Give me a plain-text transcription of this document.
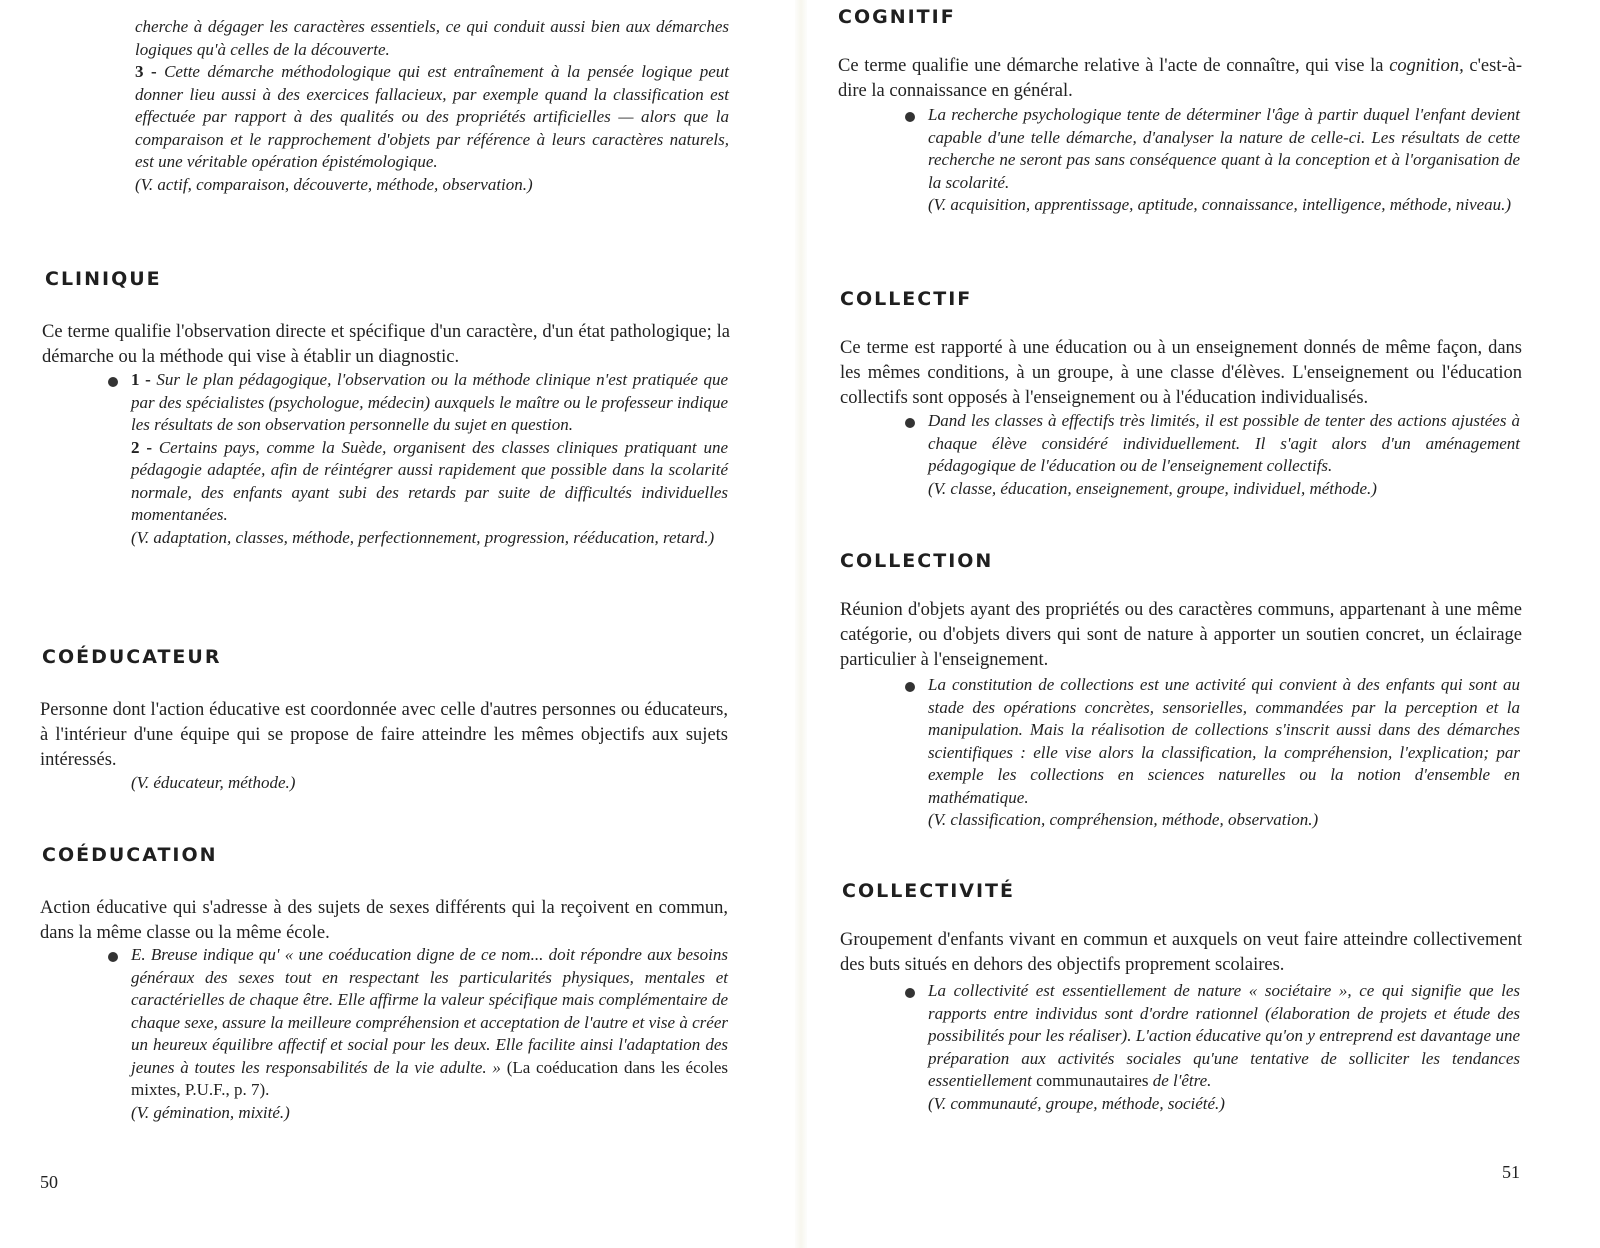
cherche à dégager les caractères essentiels, ce qui conduit aussi bien aux démarches logiques qu'à celles de la découverte.

3 - Cette démarche méthodologique qui est entraînement à la pensée logique peut donner lieu aussi à des exercices fallacieux, par exemple quand la classification est effectuée par rapport à des qualités ou des propriétés artificielles — alors que la comparaison et le rapprochement d'objets par référence à leurs caractères naturels, est une véritable opération épistémologique.

(V. actif, comparaison, découverte, méthode, observation.)

CLINIQUE
Ce terme qualifie l'observation directe et spécifique d'un caractère, d'un état pathologique; la démarche ou la méthode qui vise à établir un diagnostic.

1 - Sur le plan pédagogique, l'observation ou la méthode clinique n'est pratiquée que par des spécialistes (psychologue, médecin) auxquels le maître ou le professeur indique les résultats de son observation personnelle du sujet en question.

2 - Certains pays, comme la Suède, organisent des classes cliniques pratiquant une pédagogie adaptée, afin de réintégrer aussi rapidement que possible dans la scolarité normale, des enfants ayant subi des retards par suite de difficultés individuelles momentanées.

(V. adaptation, classes, méthode, perfectionnement, progression, rééducation, retard.)

COÉDUCATEUR
Personne dont l'action éducative est coordonnée avec celle d'autres personnes ou éducateurs, à l'intérieur d'une équipe qui se propose de faire atteindre les mêmes objectifs aux sujets intéressés.
(V. éducateur, méthode.)
COÉDUCATION
Action éducative qui s'adresse à des sujets de sexes différents qui la reçoivent en commun, dans la même classe ou la même école.

E. Breuse indique qu' « une coéducation digne de ce nom... doit répondre aux besoins généraux des sexes tout en respectant les particularités physiques, mentales et caractérielles de chaque être. Elle affirme la valeur spécifique mais complémentaire de chaque sexe, assure la meilleure compréhension et acceptation de l'autre et vise à créer un heureux équilibre affectif et social pour les deux. Elle facilite ainsi l'adaptation des jeunes à toutes les responsabilités de la vie adulte. » (La coéducation dans les écoles mixtes, P.U.F., p. 7).

(V. gémination, mixité.)

50
COGNITIF
Ce terme qualifie une démarche relative à l'acte de connaître, qui vise la cognition, c'est-à-dire la connaissance en général.

La recherche psychologique tente de déterminer l'âge à partir duquel l'enfant devient capable d'une telle démarche, d'analyser la nature de celle-ci. Les résultats de cette recherche ne seront pas sans conséquence quant à la conception et à l'organisation de la scolarité.

(V. acquisition, apprentissage, aptitude, connaissance, intelligence, méthode, niveau.)

COLLECTIF
Ce terme est rapporté à une éducation ou à un enseignement donnés de même façon, dans les mêmes conditions, à un groupe, à une classe d'élèves. L'enseignement ou l'éducation collectifs sont opposés à l'enseignement ou à l'éducation individualisés.

Dand les classes à effectifs très limités, il est possible de tenter des actions ajustées à chaque élève considéré individuellement. Il s'agit alors d'un aménagement pédagogique de l'éducation ou de l'enseignement collectifs.

(V. classe, éducation, enseignement, groupe, individuel, méthode.)

COLLECTION
Réunion d'objets ayant des propriétés ou des caractères communs, appartenant à une même catégorie, ou d'objets divers qui sont de nature à apporter un soutien concret, un éclairage particulier à l'enseignement.

La constitution de collections est une activité qui convient à des enfants qui sont au stade des opérations concrètes, sensorielles, commandées par la perception et la manipulation. Mais la réalisotion de collections s'inscrit aussi dans des démarches scientifiques : elle vise alors la classification, la compréhension, l'explication; par exemple les collections en sciences naturelles ou la notion d'ensemble en mathématique.

(V. classification, compréhension, méthode, observation.)

COLLECTIVITÉ
Groupement d'enfants vivant en commun et auxquels on veut faire atteindre collectivement des buts situés en dehors des objectifs proprement scolaires.

La collectivité est essentiellement de nature « sociétaire », ce qui signifie que les rapports entre individus sont d'ordre rationnel (élaboration de projets et étude des possibilités pour les réaliser). L'action éducative qu'on y entreprend est davantage une préparation aux activités sociales qu'une tentative de solliciter les tendances essentiellement communautaires de l'être.

(V. communauté, groupe, méthode, société.)

51
